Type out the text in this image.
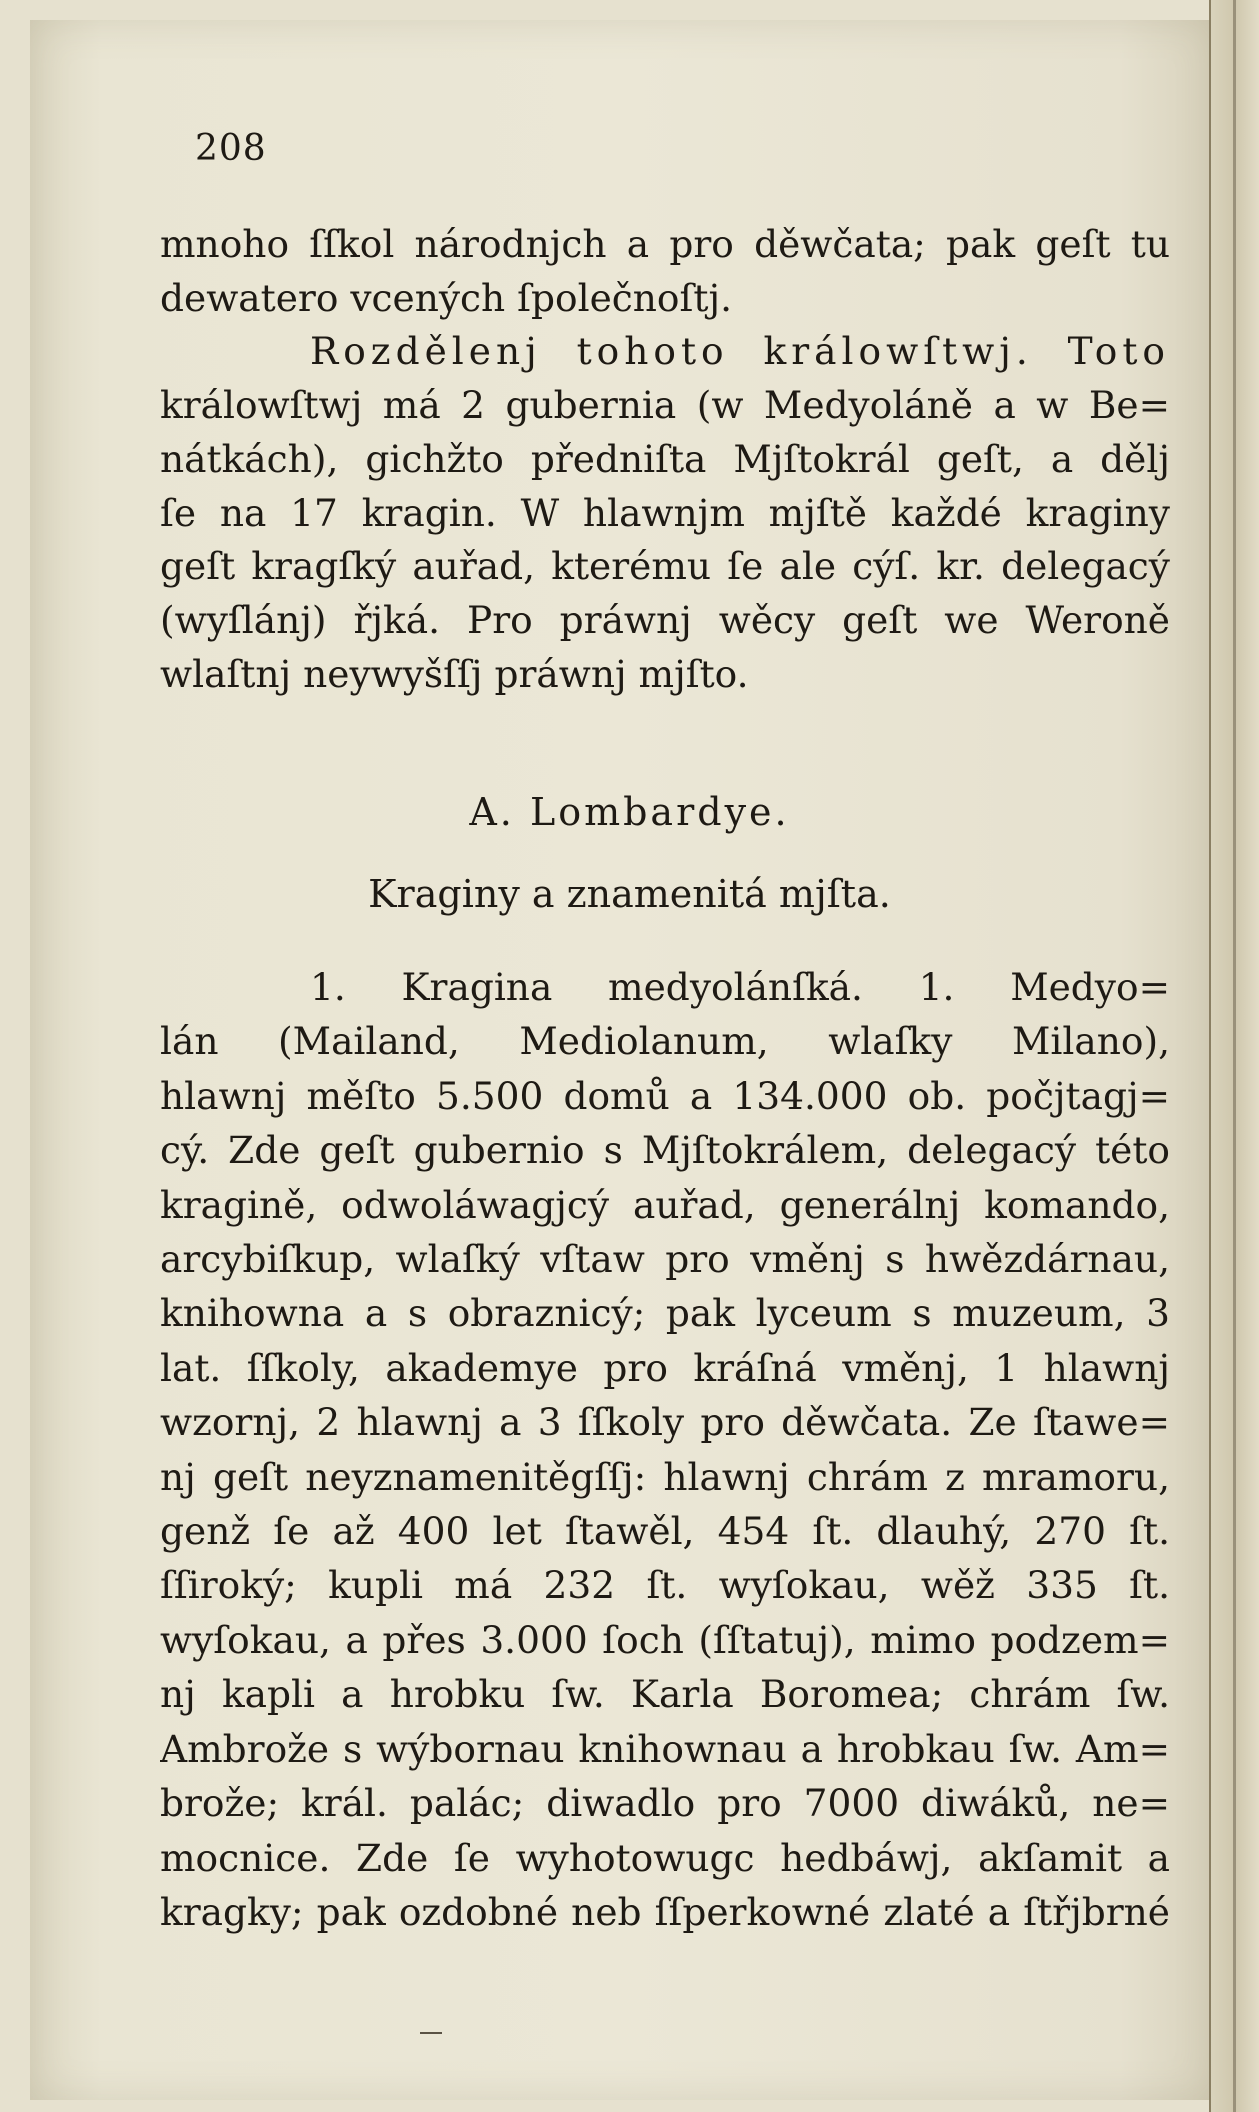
208
mnoho ſſkol národnjch a pro děwčata; pak geſt tu
dewatero vcených ſpolečnoſtj.
Rozdělenj tohoto králowſtwj. Toto
králowſtwj má 2 gubernia (w Medyoláně a w Be=
nátkách), gichžto předniſta Mjſtokrál geſt, a dělj
ſe na 17 kragin. W hlawnjm mjſtě každé kraginy
geſt kragſký auřad, kterému ſe ale cýſ. kr. delegacý
(wyſlánj) řjká. Pro práwnj wěcy geſt we Weroně
wlaſtnj neywyšſſj práwnj mjſto.
A. Lombardye.
Kraginy a znamenitá mjſta.
1. Kragina medyolánſká. 1. Medyo=
lán (Mailand, Mediolanum, wlaſky Milano),
hlawnj měſto 5.500 domů a 134.000 ob. počjtagj=
cý. Zde geſt gubernio s Mjſtokrálem, delegacý této
kragině, odwoláwagjcý auřad, generálnj komando,
arcybiſkup, wlaſký vſtaw pro vměnj s hwězdárnau,
knihowna a s obraznicý; pak lyceum s muzeum, 3
lat. ſſkoly, akademye pro kráſná vměnj, 1 hlawnj
wzornj, 2 hlawnj a 3 ſſkoly pro děwčata. Ze ſtawe=
nj geſt neyznamenitěgſſj: hlawnj chrám z mramoru,
genž ſe až 400 let ſtawěl, 454 ſt. dlauhý, 270 ſt.
ſſiroký; kupli má 232 ſt. wyſokau, wěž 335 ſt.
wyſokau, a přes 3.000 ſoch (ſſtatuj), mimo podzem=
nj kapli a hrobku ſw. Karla Boromea; chrám ſw.
Ambrože s wýbornau knihownau a hrobkau ſw. Am=
brože; král. palác; diwadlo pro 7000 diwáků, ne=
mocnice. Zde ſe wyhotowugc hedbáwj, akſamit a
kragky; pak ozdobné neb ſſperkowné zlaté a ſtřjbrné
